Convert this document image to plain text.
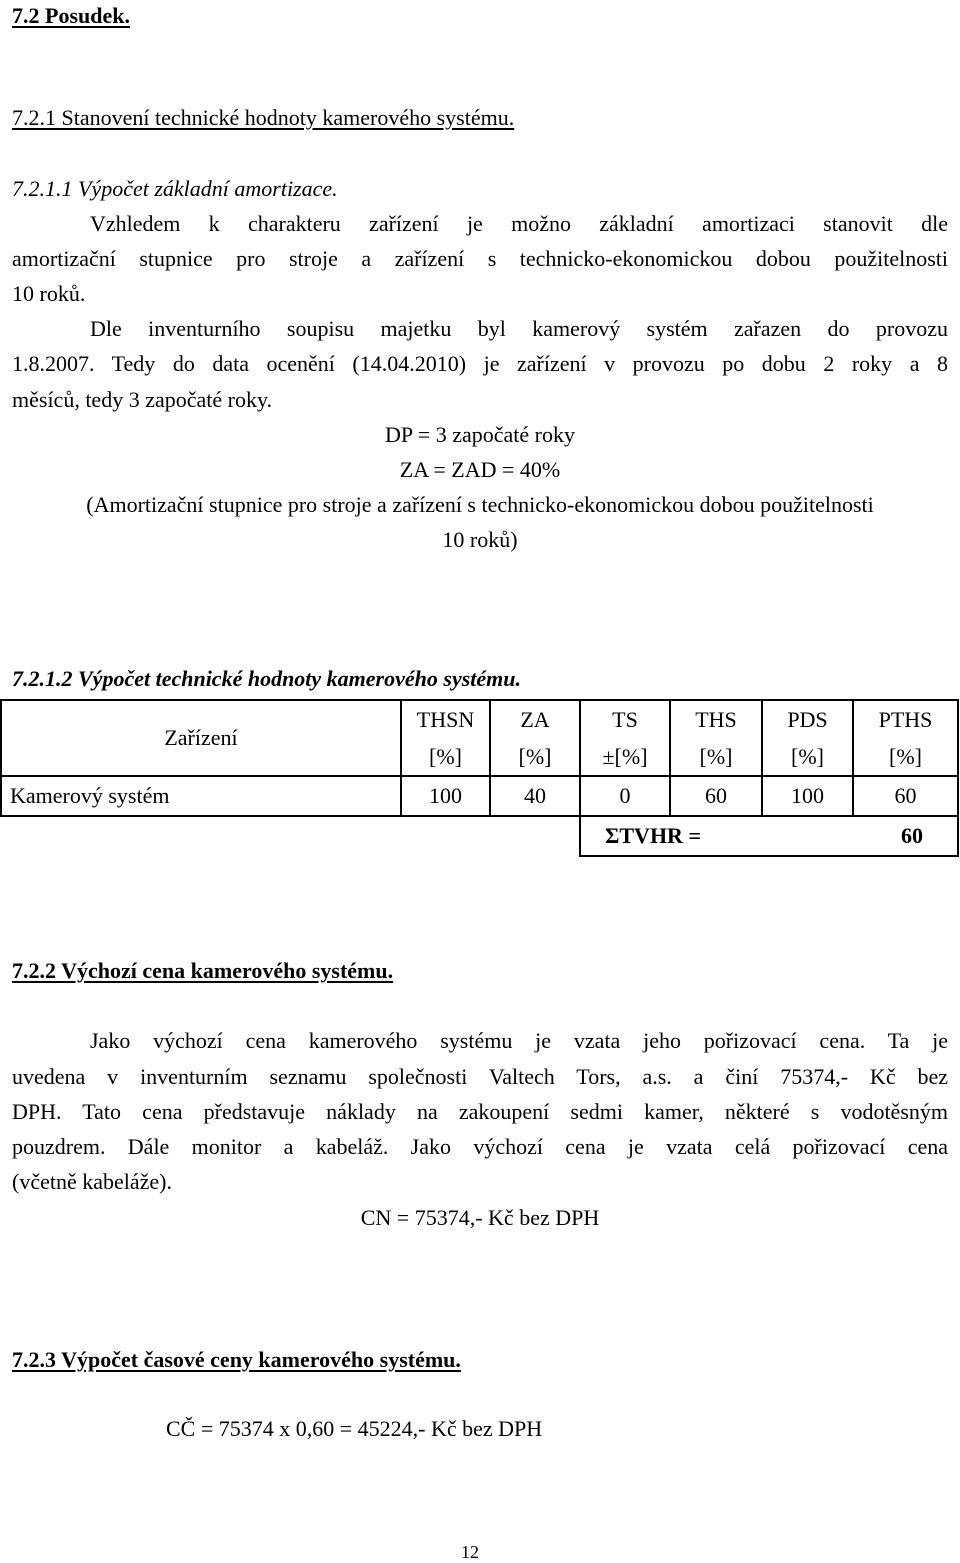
7.2 Posudek.
7.2.1 Stanovení technické hodnoty kamerového systému.
7.2.1.1 Výpočet základní amortizace.
Vzhledem k charakteru zařízení je možno základní amortizaci stanovit dle
amortizační stupnice pro stroje a zařízení s technicko-ekonomickou dobou použitelnosti
10 roků.
Dle inventurního soupisu majetku byl kamerový systém zařazen do provozu
1.8.2007. Tedy do data ocenění (14.04.2010) je zařízení v provozu po dobu 2 roky a 8
měsíců, tedy 3 započaté roky.
DP = 3 započaté roky
ZA = ZAD = 40%
(Amortizační stupnice pro stroje a zařízení s technicko-ekonomickou dobou použitelnosti
10 roků)
7.2.1.2 Výpočet technické hodnoty kamerového systému.
Zařízení	THSN	ZA	TS	THS	PDS	PTHS
	[%]	[%]	±[%]	[%]	[%]	[%]
Kamerový systém	100	40	0	60	100	60
			ΣTVHR =		60	
7.2.2 Výchozí cena kamerového systému.
Jako výchozí cena kamerového systému je vzata jeho pořizovací cena. Ta je
uvedena v inventurním seznamu společnosti Valtech Tors, a.s. a činí 75374,- Kč bez
DPH. Tato cena představuje náklady na zakoupení sedmi kamer, některé s vodotěsným
pouzdrem. Dále monitor a kabeláž. Jako výchozí cena je vzata celá pořizovací cena
(včetně kabeláže).
CN = 75374,- Kč bez DPH
7.2.3 Výpočet časové ceny kamerového systému.
CČ = 75374 x 0,60 = 45224,- Kč bez DPH
12
